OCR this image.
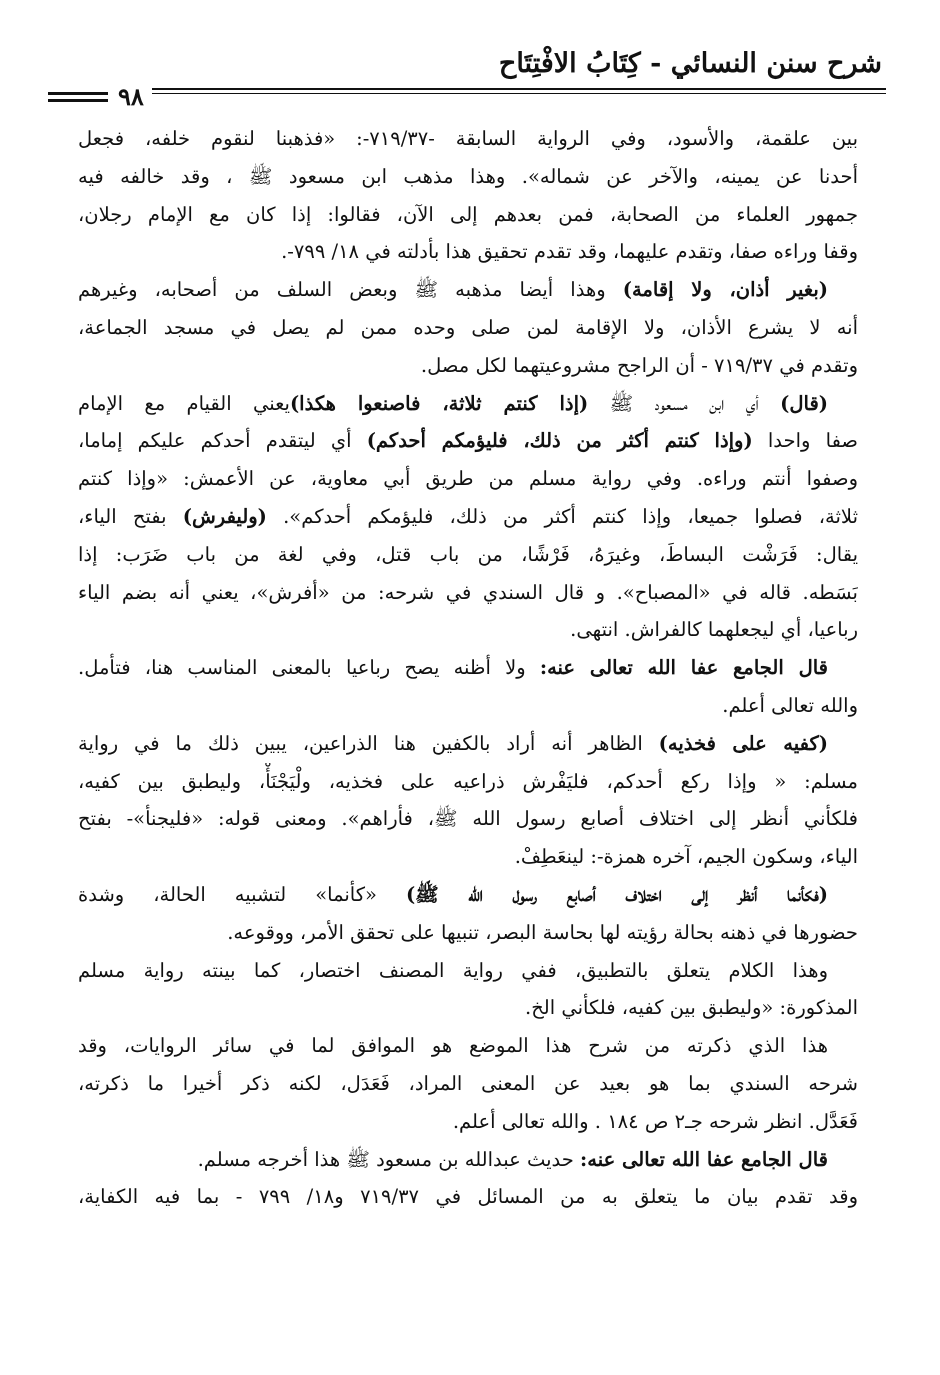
شرح سنن النسائي - كِتَابُ الافْتِتَاح
٩٨
بين علقمة، والأسود، وفي الرواية السابقة -٧١٩/٣٧-: «فذهبنا لنقوم خلفه، فجعل
أحدنا عن يمينه، والآخر عن شماله». وهذا مذهب ابن مسعود ﷺ ، وقد خالفه فيه
جمهور العلماء من الصحابة، فمن بعدهم إلى الآن، فقالوا: إذا كان مع الإمام رجلان،
وقفا وراءه صفا، وتقدم عليهما، وقد تقدم تحقيق هذا بأدلته في ١٨/ ٧٩٩-.
(بغير أذان، ولا إقامة) وهذا أيضا مذهبه ﷺ وبعض السلف من أصحابه، وغيرهم
أنه لا يشرع الأذان، ولا الإقامة لمن صلى وحده ممن لم يصل في مسجد الجماعة،
وتقدم في ٧١٩/٣٧ - أن الراجح مشروعيتهما لكل مصل.
(قال) أي ابن مسعود ﷺ (إذا كنتم ثلاثة، فاصنعوا هكذا)يعني القيام مع الإمام
صفا واحدا (وإذا كنتم أكثر من ذلك، فليؤمكم أحدكم) أي ليتقدم أحدكم عليكم إماما،
وصفوا أنتم وراءه. وفي رواية مسلم من طريق أبي معاوية، عن الأعمش: «وإذا كنتم
ثلاثة، فصلوا جميعا، وإذا كنتم أكثر من ذلك، فليؤمكم أحدكم». (وليفرش) بفتح الياء،
يقال: فَرَشْت البساطَ، وغيرَهُ، فَرْشًا، من باب قتل، وفي لغة من باب ضَرَب: إذا
بَسَطه. قاله في «المصباح». و قال السندي في شرحه: من «أفرش»، يعني أنه بضم الياء
رباعيا، أي ليجعلهما كالفراش. انتهى.
قال الجامع عفا الله تعالى عنه: ولا أظنه يصح رباعيا بالمعنى المناسب هنا، فتأمل.
والله تعالى أعلم.
(كفيه على فخذيه) الظاهر أنه أراد بالكفين هنا الذراعين، يبين ذلك ما في رواية
مسلم: « وإذا ركع أحدكم، فليَفْرش ذراعيه على فخذيه، ولْيَجْنَأْ، وليطبق بين كفيه،
فلكأني أنظر إلى اختلاف أصابع رسول الله ﷺ، فأراهم». ومعنى قوله: «فليجنأ»- بفتح
الياء، وسكون الجيم، آخره همزة-: لينعَطِفْ.
(فكأنما أنظر إلى اختلاف أصابع رسول الله ﷺ) «كأنما» لتشبيه الحالة، وشدة
حضورها في ذهنه بحالة رؤيته لها بحاسة البصر، تنبيها على تحقق الأمر، ووقوعه.
وهذا الكلام يتعلق بالتطبيق، ففي رواية المصنف اختصار، كما بينته رواية مسلم
المذكورة: «وليطبق بين كفيه، فلكأني الخ.
هذا الذي ذكرته من شرح هذا الموضع هو الموافق لما في سائر الروايات، وقد
شرحه السندي بما هو بعيد عن المعنى المراد، فَعَدَل، لكنه ذكر أخيرا ما ذكرته،
فَعَدَّل. انظر شرحه جـ٢ ص ١٨٤ . والله تعالى أعلم.
قال الجامع عفا الله تعالى عنه: حديث عبدالله بن مسعود ﷺ هذا أخرجه مسلم.
وقد تقدم بيان ما يتعلق به من المسائل في ٧١٩/٣٧ و١٨/ ٧٩٩ - بما فيه الكفاية،
